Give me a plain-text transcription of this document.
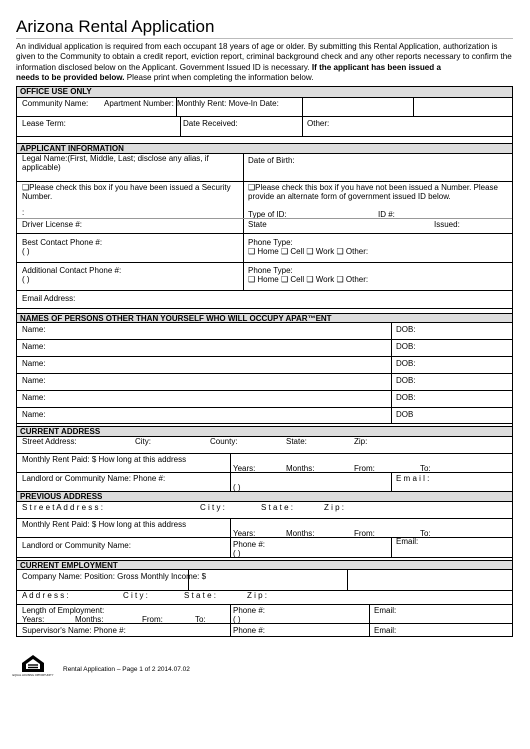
Arizona Rental Application
An individual application is required from each occupant 18 years of age or older. By submitting this Rental Application, authorization is given to the Community to obtain a credit report, eviction report, criminal background check and any other reports necessary to confirm the information disclosed below on the Applicant. Government Issued ID is necessary. If the applicant has been issued a
needs to be provided below. Please print when completing the information below.
OFFICE USE ONLY
Community Name: Apartment Number: Monthly Rent: Move-In Date:
Lease Term:	Date Received:	Other:
APPLICANT INFORMATION
Legal Name:(First, Middle, Last; disclose any alias, if applicable)
Date of Birth:
❑Please check this box if you have been issued a Security Number.
❑Please check this box if you have not been issued a Number. Please provide an alternate form of government issued ID below.
:	Type of ID:	ID #:
Driver License #:	State	Issued:
Best Contact Phone #:
( )
Phone Type:
❑ Home ❑ Cell ❑ Work ❑ Other:
Additional Contact Phone #:
( )
Phone Type:
❑ Home ❑ Cell ❑ Work ❑ Other:
Email Address:
NAMES OF PERSONS OTHER THAN YOURSELF WHO WILL OCCUPY APAR™ENT
Name:	DOB:
Name:	DOB:
Name:	DOB:
Name:	DOB:
Name:	DOB:
Name:	DOB
CURRENT ADDRESS
Street Address:	City:	County:	State:	Zip:
Monthly Rent Paid: $ How long at this address
Years:	Months:	From:	To:
Landlord or Community Name: Phone #:
( )
E m a i l :
PREVIOUS ADDRESS
S t r e e t A d d r e s s :	C i t y :	S t a t e :	Z i p :
Monthly Rent Paid: $ How long at this address
Years:	Months:	From:	To:
Landlord or Community Name:	Phone #:
( )
Email:
CURRENT EMPLOYMENT
Company Name: Position: Gross Monthly Income: $
A d d r e s s :	C i t y :	S t a t e :	Z i p :
Length of Employment:
Years:	Months:	From:	To:
Phone #:
( )
Email:
Supervisor's Name: Phone #:	Phone #:	Email:
EQUAL HOUSING OPPORTUNITY
Rental Application – Page 1 of 2 2014.07.02
